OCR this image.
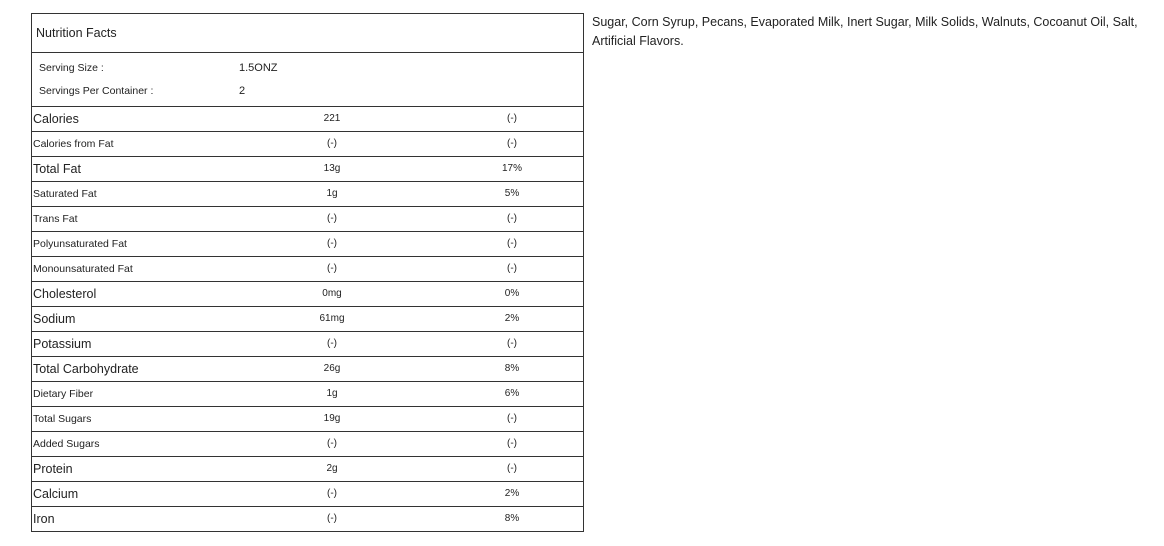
Nutrition Facts
Serving Size :	1.5ONZ
Servings Per Container :	2
Calories	221	(-)
Calories from Fat	(-)	(-)
Total Fat	13g	17%
Saturated Fat	1g	5%
Trans Fat	(-)	(-)
Polyunsaturated Fat	(-)	(-)
Monounsaturated Fat	(-)	(-)
Cholesterol	0mg	0%
Sodium	61mg	2%
Potassium	(-)	(-)
Total Carbohydrate	26g	8%
Dietary Fiber	1g	6%
Total Sugars	19g	(-)
Added Sugars	(-)	(-)
Protein	2g	(-)
Calcium	(-)	2%
Iron	(-)	8%
Sugar, Corn Syrup, Pecans, Evaporated Milk, Inert Sugar, Milk Solids, Walnuts, Cocoanut Oil, Salt, Artificial Flavors.
